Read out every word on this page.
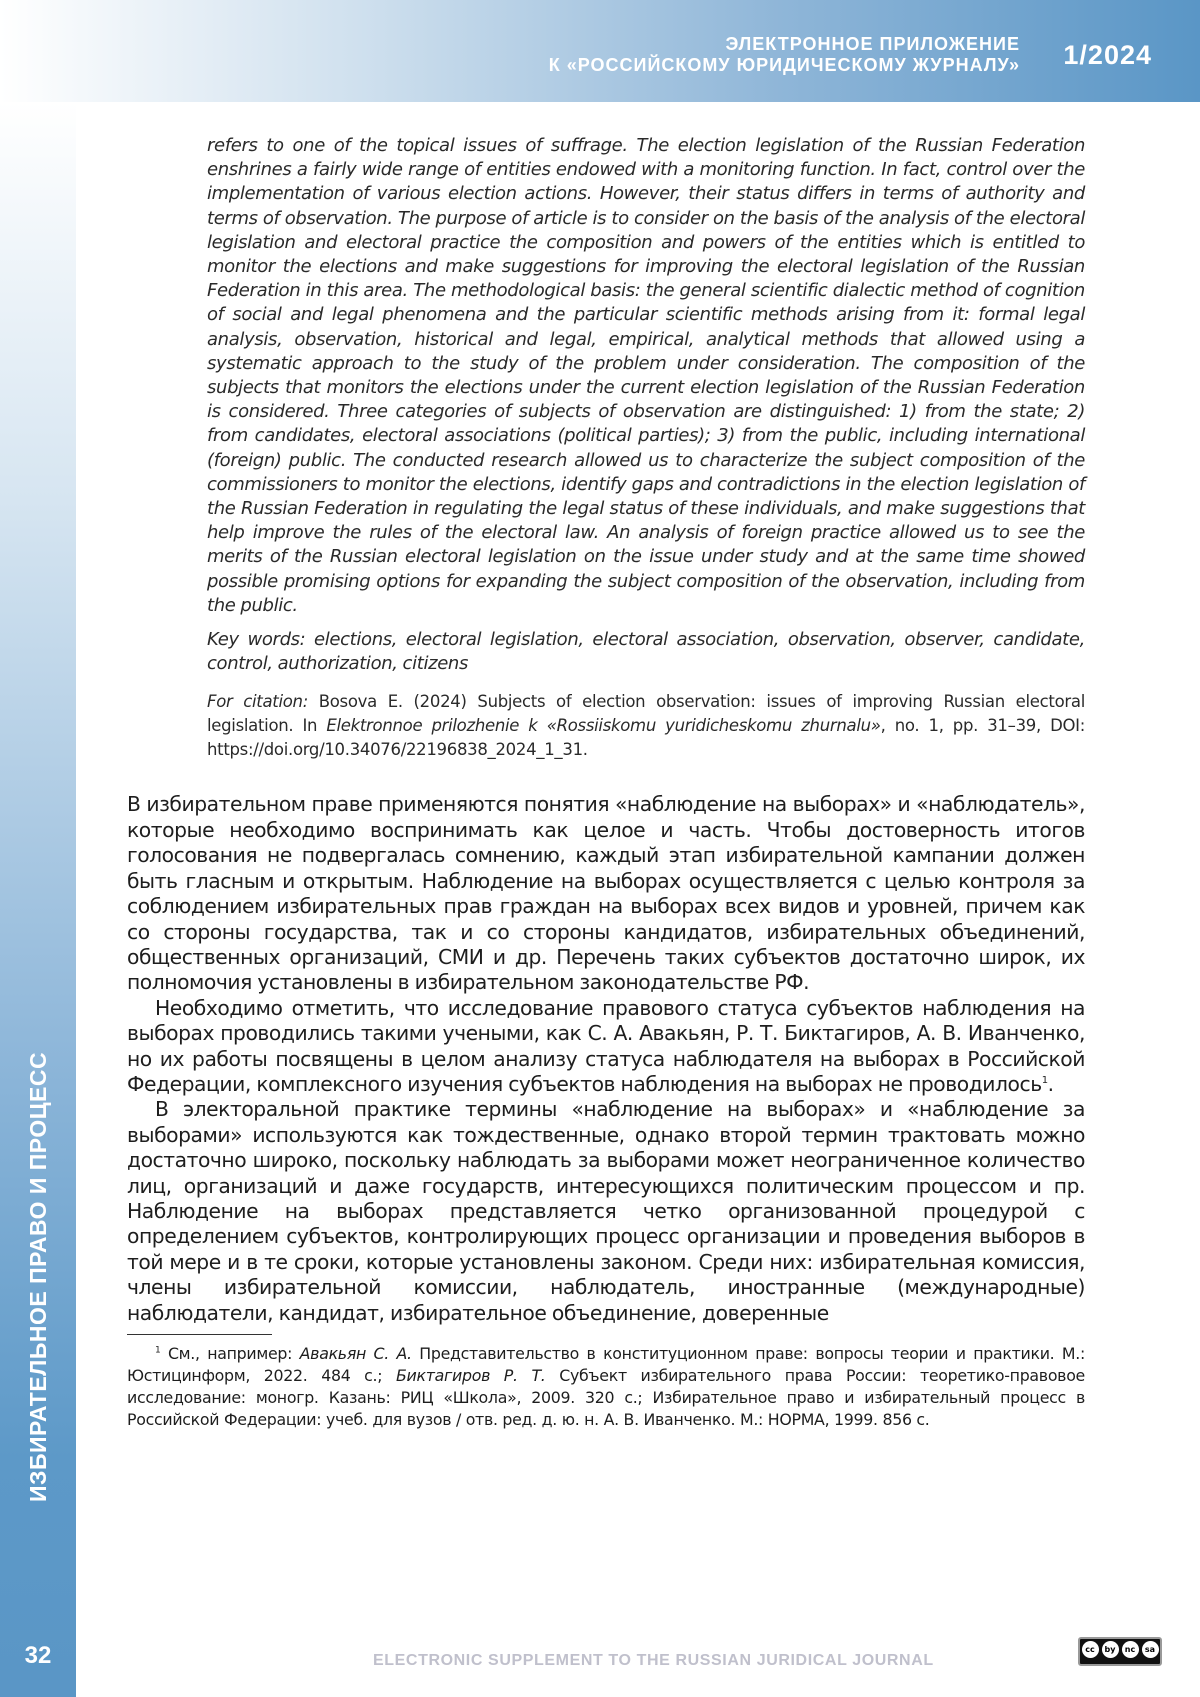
ЭЛЕКТРОННОЕ ПРИЛОЖЕНИЕ
К «РОССИЙСКОМУ ЮРИДИЧЕСКОМУ ЖУРНАЛУ» 1/2024
ИЗБИРАТЕЛЬНОЕ ПРАВО И ПРОЦЕСС
32

refers to one of the topical issues of suffrage. The election legislation of the Russian Federation enshrines a fairly wide range of entities endowed with a monitoring function. In fact, control over the implementation of various election actions. However, their status differs in terms of authority and terms of observation. The purpose of article is to consider on the basis of the analysis of the electoral legislation and electoral practice the composition and powers of the entities which is entitled to monitor the elections and make suggestions for improving the electoral legislation of the Russian Federation in this area. The methodological basis: the general scientific dialectic method of cognition of social and legal phenomena and the particular scientific methods arising from it: formal legal analysis, observation, historical and legal, empirical, analytical methods that allowed using a systematic approach to the study of the problem under consideration. The composition of the subjects that monitors the elections under the current election legislation of the Russian Federation is considered. Three categories of subjects of observation are distinguished: 1) from the state; 2) from candidates, electoral associations (political parties); 3) from the public, including international (foreign) public. The conducted research allowed us to characterize the subject composition of the commissioners to monitor the elections, identify gaps and contradictions in the election legislation of the Russian Federation in regulating the legal status of these individuals, and make suggestions that help improve the rules of the electoral law. An analysis of foreign practice allowed us to see the merits of the Russian electoral legislation on the issue under study and at the same time showed possible promising options for expanding the subject composition of the observation, including from the public.

Key words: elections, electoral legislation, electoral association, observation, observer, candidate, control, authorization, citizens

For citation: Bosova E. (2024) Subjects of election observation: issues of improving Russian electoral legislation. In Elektronnoe prilozhenie k «Rossiiskomu yuridicheskomu zhurnalu», no. 1, pp. 31–39, DOI: https://doi.org/10.34076/22196838_2024_1_31.

В избирательном праве применяются понятия «наблюдение на выборах» и «наблюдатель», которые необходимо воспринимать как целое и часть. Чтобы достоверность итогов голосования не подвергалась сомнению, каждый этап избирательной кампании должен быть гласным и открытым. Наблюдение на выборах осуществляется с целью контроля за соблюдением избирательных прав граждан на выборах всех видов и уровней, причем как со стороны государства, так и со стороны кандидатов, избирательных объединений, общественных организаций, СМИ и др. Перечень таких субъектов достаточно широк, их полномочия установлены в избирательном законодательстве РФ.

Необходимо отметить, что исследование правового статуса субъектов наблюдения на выборах проводились такими учеными, как С. А. Авакьян, Р. Т. Биктагиров, А. В. Иванченко, но их работы посвящены в целом анализу статуса наблюдателя на выборах в Российской Федерации, комплексного изучения субъектов наблюдения на выборах не проводилось$^1$.

В электоральной практике термины «наблюдение на выборах» и «наблюдение за выборами» используются как тождественные, однако второй термин трактовать можно достаточно широко, поскольку наблюдать за выборами может неограниченное количество лиц, организаций и даже государств, интересующихся политическим процессом и пр. Наблюдение на выборах представляется четко организованной процедурой с определением субъектов, контролирующих процесс организации и проведения выборов в той мере и в те сроки, которые установлены законом. Среди них: избирательная комиссия, члены избирательной комиссии, наблюдатель, иностранные (международные) наблюдатели, кандидат, избирательное объединение, доверенные

$^1$ См., например: Авакьян С. А. Представительство в конституционном праве: вопросы теории и практики. М.: Юстицинформ, 2022. 484 с.; Биктагиров Р. Т. Субъект избирательного права России: теоретико-правовое исследование: моногр. Казань: РИЦ «Школа», 2009. 320 с.; Избирательное право и избирательный процесс в Российской Федерации: учеб. для вузов / отв. ред. д. ю. н. А. В. Иванченко. М.: НОРМА, 1999. 856 с.

ELECTRONIC SUPPLEMENT TO THE RUSSIAN JURIDICAL JOURNAL
cc	by	nc	sa
